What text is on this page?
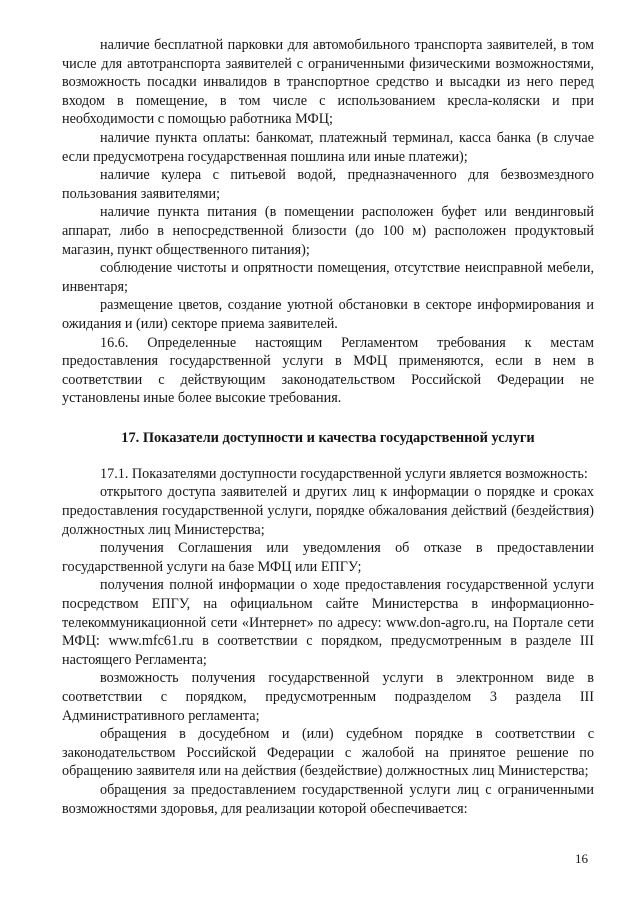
наличие бесплатной парковки для автомобильного транспорта заявителей, в том числе для автотранспорта заявителей с ограниченными физическими возможностями, возможность посадки инвалидов в транспортное средство и высадки из него перед входом в помещение, в том числе с использованием кресла-коляски и при необходимости с помощью работника МФЦ;

наличие пункта оплаты: банкомат, платежный терминал, касса банка (в случае если предусмотрена государственная пошлина или иные платежи);

наличие кулера с питьевой водой, предназначенного для безвозмездного пользования заявителями;

наличие пункта питания (в помещении расположен буфет или вендинговый аппарат, либо в непосредственной близости (до 100 м) расположен продуктовый магазин, пункт общественного питания);

соблюдение чистоты и опрятности помещения, отсутствие неисправной мебели, инвентаря;

размещение цветов, создание уютной обстановки в секторе информирования и ожидания и (или) секторе приема заявителей.

16.6. Определенные настоящим Регламентом требования к местам предоставления государственной услуги в МФЦ применяются, если в нем в соответствии с действующим законодательством Российской Федерации не установлены иные более высокие требования.

17. Показатели доступности и качества государственной услуги

17.1. Показателями доступности государственной услуги является возможность:

открытого доступа заявителей и других лиц к информации о порядке и сроках предоставления государственной услуги, порядке обжалования действий (бездействия) должностных лиц Министерства;

получения Соглашения или уведомления об отказе в предоставлении государственной услуги на базе МФЦ или ЕПГУ;

получения полной информации о ходе предоставления государственной услуги посредством ЕПГУ, на официальном сайте Министерства в информационно-телекоммуникационной сети «Интернет» по адресу: www.don-agro.ru, на Портале сети МФЦ: www.mfc61.ru в соответствии с порядком, предусмотренным в разделе III настоящего Регламента;

возможность получения государственной услуги в электронном виде в соответствии с порядком, предусмотренным подразделом 3 раздела III Административного регламента;

обращения в досудебном и (или) судебном порядке в соответствии с законодательством Российской Федерации с жалобой на принятое решение по обращению заявителя или на действия (бездействие) должностных лиц Министерства;

обращения за предоставлением государственной услуги лиц с ограниченными возможностями здоровья, для реализации которой обеспечивается:

16
